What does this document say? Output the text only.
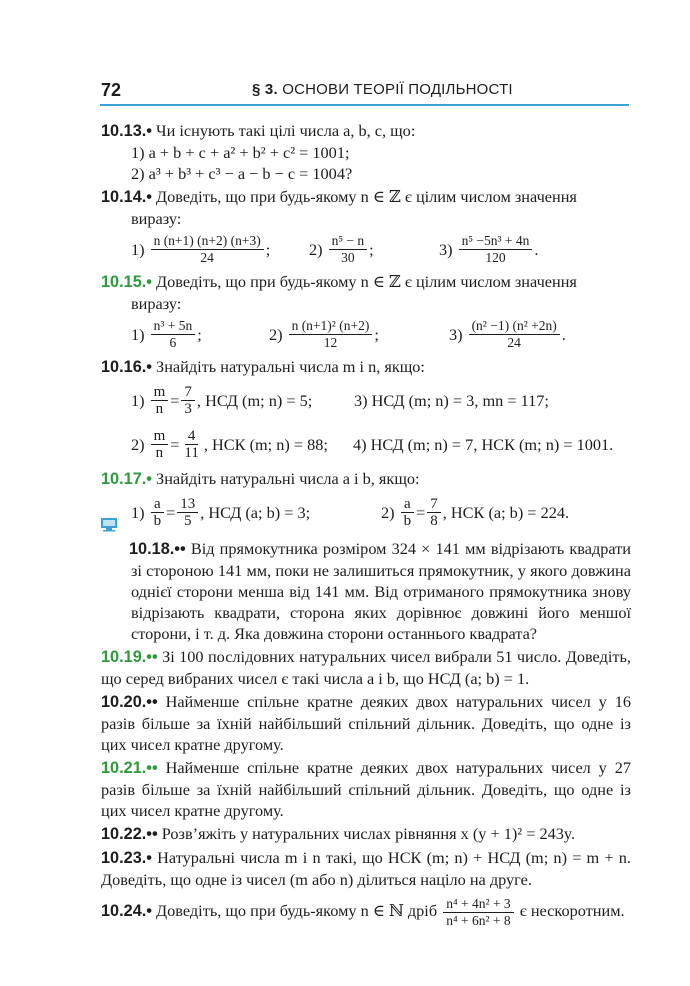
72	§ 3. ОСНОВИ ТЕОРІЇ ПОДІЛЬНОСТІ
10.13.• Чи існують такі цілі числа a, b, c, що:
1) a + b + c + a² + b² + c² = 1001;
2) a³ + b³ + c³ − a − b − c = 1004?
10.14.• Доведіть, що при будь-якому n ∈ ℤ є цілим числом значення
виразу:
$1) \frac{n (n+1) (n+2) (n+3)}{24}$ ; $2) \frac{\text{n⁵ − n}}{30}$ ;	$3) \frac{\text{n⁵ −5n³ + 4n}}{120}$ .
10.15.• Доведіть, що при будь-якому n ∈ ℤ є цілим числом значення
виразу:
$1) \frac{\text{n³ + 5n}}{6}$ ;	$2) \frac{\text{n (n+1)² (n+2)}}{12}$ ;	$3) \frac{\text{(n² −1) (n² +2n)}}{24}$ .
10.16.• Знайдіть натуральні числа m і n, якщо:
$1) \frac{m}{n} = \frac{7}{3}$ , НСД (m; n) = 5;	3) НСД (m; n) = 3, mn = 117;
$2) \frac{m}{n} = \frac{4}{11}$ , НСК (m; n) = 88; 4) НСД (m; n) = 7, НСК (m; n) = 1001.
10.17.• Знайдіть натуральні числа a і b, якщо:
$1) \frac{a}{b} = \frac{13}{5}$ , НСД (a; b) = 3;	$2) \frac{a}{b} = \frac{7}{8}$ , НСК (a; b) = 224.
10.18.•• Від прямокутника розміром 324 × 141 мм відрізають квадрати зі стороною 141 мм, поки не залишиться прямокутник, у якого довжина однієї сторони менша від 141 мм. Від отриманого прямокутника знову відрізають квадрати, сторона яких дорівнює довжині його меншої сторони, і т. д. Яка довжина сторони останнього квадрата?
10.19.•• Зі 100 послідовних натуральних чисел вибрали 51 число. Доведіть, що серед вибраних чисел є такі числа a і b, що НСД (a; b) = 1.
10.20.•• Найменше спільне кратне деяких двох натуральних чисел у 16 разів більше за їхній найбільший спільний дільник. Доведіть, що одне із цих чисел кратне другому.
10.21.•• Найменше спільне кратне деяких двох натуральних чисел у 27 разів більше за їхній найбільший спільний дільник. Доведіть, що одне із цих чисел кратне другому.
10.22.•• Розв’яжіть у натуральних числах рівняння x (y + 1)² = 243y.
10.23.• Натуральні числа m і n такі, що НСК (m; n) + НСД (m; n) = m + n. Доведіть, що одне із чисел (m або n) ділиться націло на друге.
10.24.• Доведіть, що при будь-якому n ∈ ℕ дріб $\frac{\text{n⁴ + 4n² + 3}}{\text{n⁴ + 6n² + 8}}$ є нескоротним.
